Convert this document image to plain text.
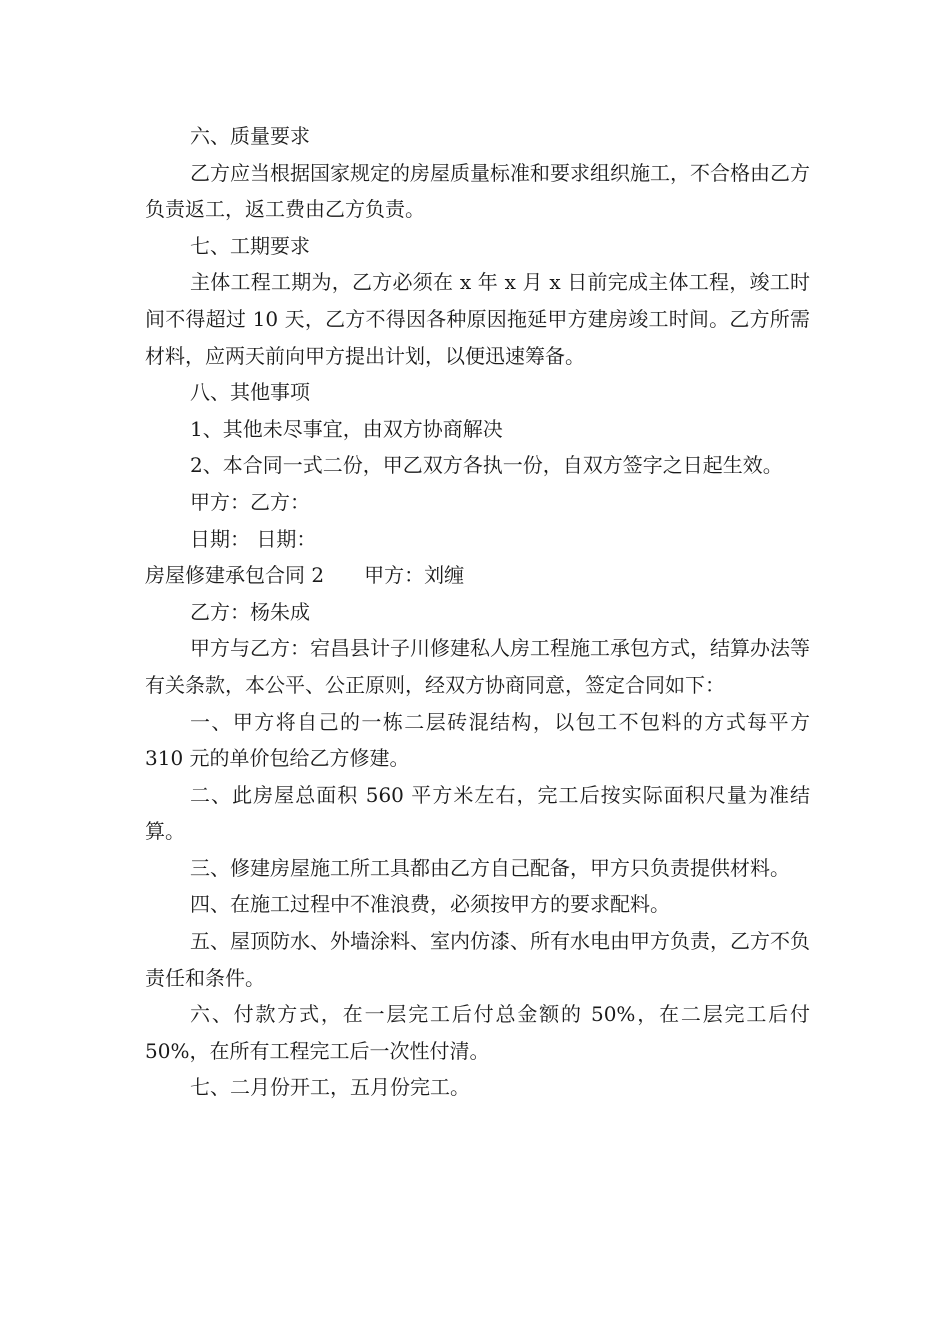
六、质量要求

乙方应当根据国家规定的房屋质量标准和要求组织施工，不合格由乙方负责返工，返工费由乙方负责。

七、工期要求

主体工程工期为，乙方必须在 x 年 x 月 x 日前完成主体工程，竣工时间不得超过 10 天，乙方不得因各种原因拖延甲方建房竣工时间。乙方所需材料，应两天前向甲方提出计划，以便迅速筹备。

八、其他事项

1、其他未尽事宜，由双方协商解决

2、本合同一式二份，甲乙双方各执一份，自双方签字之日起生效。

甲方：乙方：

日期： 日期：

房屋修建承包合同 2 甲方：刘缠

乙方：杨朱成

甲方与乙方：宕昌县计子川修建私人房工程施工承包方式，结算办法等有关条款，本公平、公正原则，经双方协商同意，签定合同如下：

一、甲方将自己的一栋二层砖混结构，以包工不包料的方式每平方 310 元的单价包给乙方修建。

二、此房屋总面积 560 平方米左右，完工后按实际面积尺量为准结算。

三、修建房屋施工所工具都由乙方自己配备，甲方只负责提供材料。

四、在施工过程中不准浪费，必须按甲方的要求配料。

五、屋顶防水、外墙涂料、室内仿漆、所有水电由甲方负责，乙方不负责任和条件。

六、付款方式，在一层完工后付总金额的 50%，在二层完工后付 50%，在所有工程完工后一次性付清。

七、二月份开工，五月份完工。
